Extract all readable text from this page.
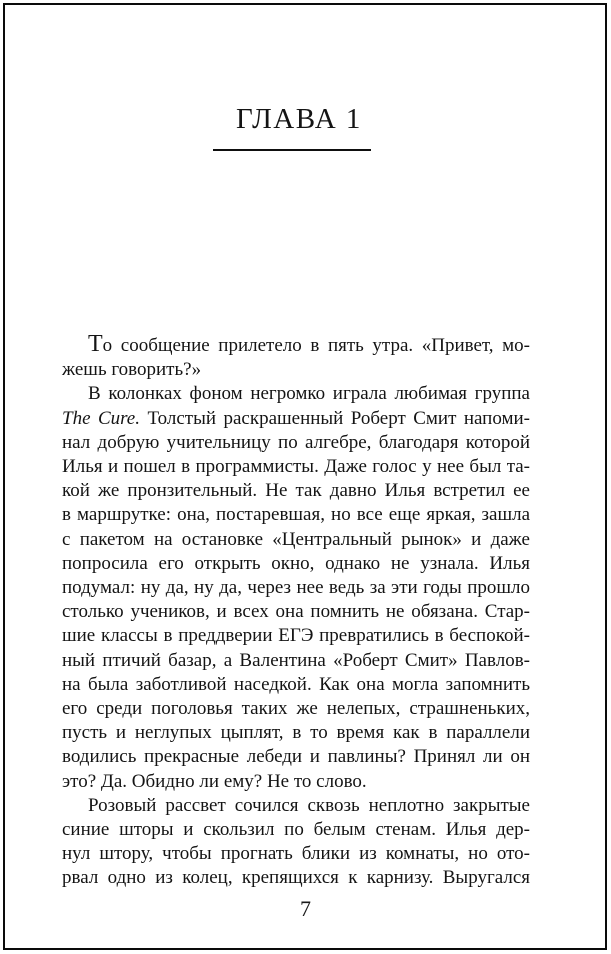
ГЛАВА 1
То сообщение прилетело в пять утра. «Привет, мо-
жешь говорить?»
В колонках фоном негромко играла любимая группа
The Cure. Толстый раскрашенный Роберт Смит напоми-
нал добрую учительницу по алгебре, благодаря которой
Илья и пошел в программисты. Даже голос у нее был та-
кой же пронзительный. Не так давно Илья встретил ее
в маршрутке: она, постаревшая, но все еще яркая, зашла
с пакетом на остановке «Центральный рынок» и даже
попросила его открыть окно, однако не узнала. Илья
подумал: ну да, ну да, через нее ведь за эти годы прошло
столько учеников, и всех она помнить не обязана. Стар-
шие классы в преддверии ЕГЭ превратились в беспокой-
ный птичий базар, а Валентина «Роберт Смит» Павлов-
на была заботливой наседкой. Как она могла запомнить
его среди поголовья таких же нелепых, страшненьких,
пусть и неглупых цыплят, в то время как в параллели
водились прекрасные лебеди и павлины? Принял ли он
это? Да. Обидно ли ему? Не то слово.
Розовый рассвет сочился сквозь неплотно закрытые
синие шторы и скользил по белым стенам. Илья дер-
нул штору, чтобы прогнать блики из комнаты, но ото-
рвал одно из колец, крепящихся к карнизу. Выругался
7
